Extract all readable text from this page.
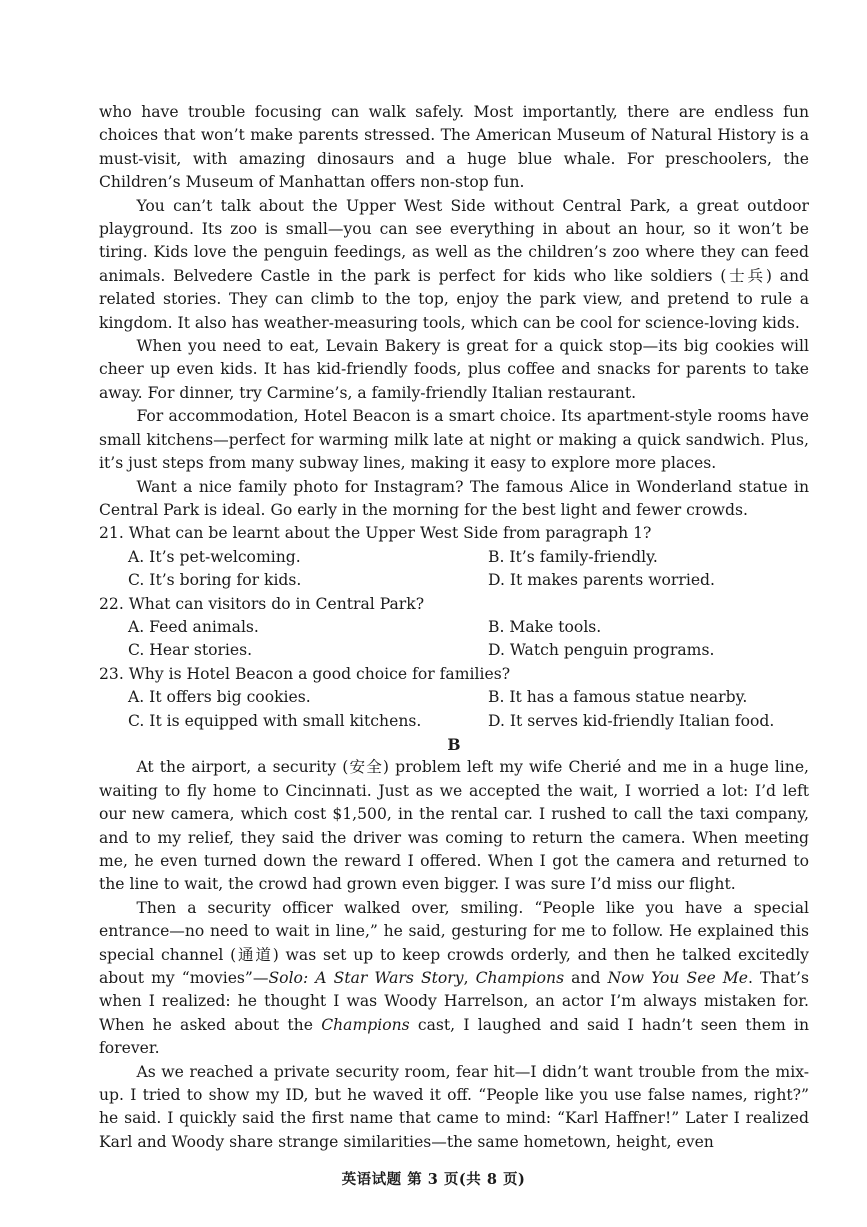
who have trouble focusing can walk safely. Most importantly, there are endless fun choices that won’t make parents stressed. The American Museum of Natural History is a must-visit, with amazing dinosaurs and a huge blue whale. For preschoolers, the Children’s Museum of Manhattan offers non-stop fun.

You can’t talk about the Upper West Side without Central Park, a great outdoor playground. Its zoo is small—you can see everything in about an hour, so it won’t be tiring. Kids love the penguin feedings, as well as the children’s zoo where they can feed animals. Belvedere Castle in the park is perfect for kids who like soldiers (士兵) and related stories. They can climb to the top, enjoy the park view, and pretend to rule a kingdom. It also has weather-measuring tools, which can be cool for science-loving kids.

When you need to eat, Levain Bakery is great for a quick stop—its big cookies will cheer up even kids. It has kid-friendly foods, plus coffee and snacks for parents to take away. For dinner, try Carmine’s, a family-friendly Italian restaurant.

For accommodation, Hotel Beacon is a smart choice. Its apartment-style rooms have small kitchens—perfect for warming milk late at night or making a quick sandwich. Plus, it’s just steps from many subway lines, making it easy to explore more places.

Want a nice family photo for Instagram? The famous Alice in Wonderland statue in Central Park is ideal. Go early in the morning for the best light and fewer crowds.

21. What can be learnt about the Upper West Side from paragraph 1?

A. It’s pet-welcoming.	B. It’s family-friendly.

C. It’s boring for kids.	D. It makes parents worried.

22. What can visitors do in Central Park?

A. Feed animals.	B. Make tools.

C. Hear stories.	D. Watch penguin programs.

23. Why is Hotel Beacon a good choice for families?

A. It offers big cookies.	B. It has a famous statue nearby.

C. It is equipped with small kitchens.	D. It serves kid-friendly Italian food.

B

At the airport, a security (安全) problem left my wife Cherié and me in a huge line, waiting to fly home to Cincinnati. Just as we accepted the wait, I worried a lot: I’d left our new camera, which cost $1,500, in the rental car. I rushed to call the taxi company, and to my relief, they said the driver was coming to return the camera. When meeting me, he even turned down the reward I offered. When I got the camera and returned to the line to wait, the crowd had grown even bigger. I was sure I’d miss our flight.

Then a security officer walked over, smiling. “People like you have a special entrance—no need to wait in line,” he said, gesturing for me to follow. He explained this special channel (通道) was set up to keep crowds orderly, and then he talked excitedly about my “movies”—Solo: A Star Wars Story, Champions and Now You See Me. That’s when I realized: he thought I was Woody Harrelson, an actor I’m always mistaken for. When he asked about the Champions cast, I laughed and said I hadn’t seen them in forever.

As we reached a private security room, fear hit—I didn’t want trouble from the mix-up. I tried to show my ID, but he waved it off. “People like you use false names, right?” he said. I quickly said the first name that came to mind: “Karl Haffner!” Later I realized Karl and Woody share strange similarities—the same hometown, height, even

英语试题 第 3 页(共 8 页)
